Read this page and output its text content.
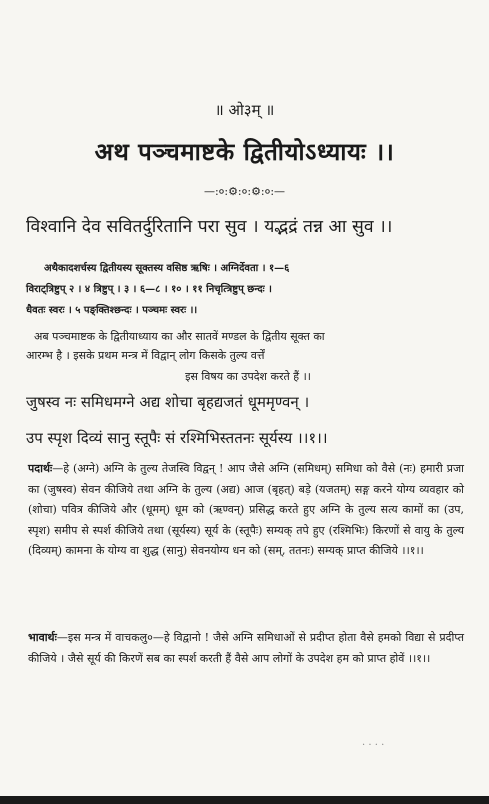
॥ ओ३म् ॥
अथ पञ्चमाष्टके द्वितीयोऽध्यायः ।।
—:०:⚙:०:⚙:०:—
विश्वानि देव सवितर्दुरितानि परा सुव । यद्भद्रं तन्न आ सुव ।।
अथैकादशर्चस्य द्वितीयस्य सूक्तस्य वसिष्ठ ऋषिः । अग्निर्देवता । १—६
विराट्त्रिष्टुप् २ । ४ त्रिष्टुप् । ३ । ६—८ । १० । ११ निचृत्त्रिष्टुप् छन्दः ।
धैवतः स्वरः । ५ पङ्क्तिश्छन्दः । पञ्चमः स्वरः ।।
अब पञ्चमाष्टक के द्वितीयाध्याय का और सातवें मण्डल के द्वितीय सूक्त का
आरम्भ है । इसके प्रथम मन्त्र में विद्वान् लोग किसके तुल्य वर्त्तें
इस विषय का उपदेश करते हैं ।।
जुषस्व नः समिधमग्ने अद्य शोचा बृहद्यजतं धूममृण्वन् ।
उप स्पृश दिव्यं सानु स्तूपैः सं रश्मिभिस्ततनः सूर्यस्य ।।१।।
पदार्थः—हे (अग्ने) अग्नि के तुल्य तेजस्वि विद्वन् ! आप जैसे अग्नि (समिधम्) समिधा को वैसे (नः) हमारी प्रजा का (जुषस्व) सेवन कीजिये तथा अग्नि के तुल्य (अद्य) आज (बृहत्) बड़े (यजतम्) सङ्ग करने योग्य व्यवहार को (शोचा) पवित्र कीजिये और (धूमम्) धूम को (ऋण्वन्) प्रसिद्ध करते हुए अग्नि के तुल्य सत्य कामों का (उप, स्पृश) समीप से स्पर्श कीजिये तथा (सूर्यस्य) सूर्य के (स्तूपैः) सम्यक् तपे हुए (रश्मिभिः) किरणों से वायु के तुल्य (दिव्यम्) कामना के योग्य वा शुद्ध (सानु) सेवनयोग्य धन को (सम्, ततनः) सम्यक् प्राप्त कीजिये ।।१।।
भावार्थः—इस मन्त्र में वाचकलु०—हे विद्वानो ! जैसे अग्नि समिधाओं से प्रदीप्त होता वैसे हमको विद्या से प्रदीप्त कीजिये । जैसे सूर्य की किरणें सब का स्पर्श करती हैं वैसे आप लोगों के उपदेश हम को प्राप्त होवें ।।१।।
. . . .
